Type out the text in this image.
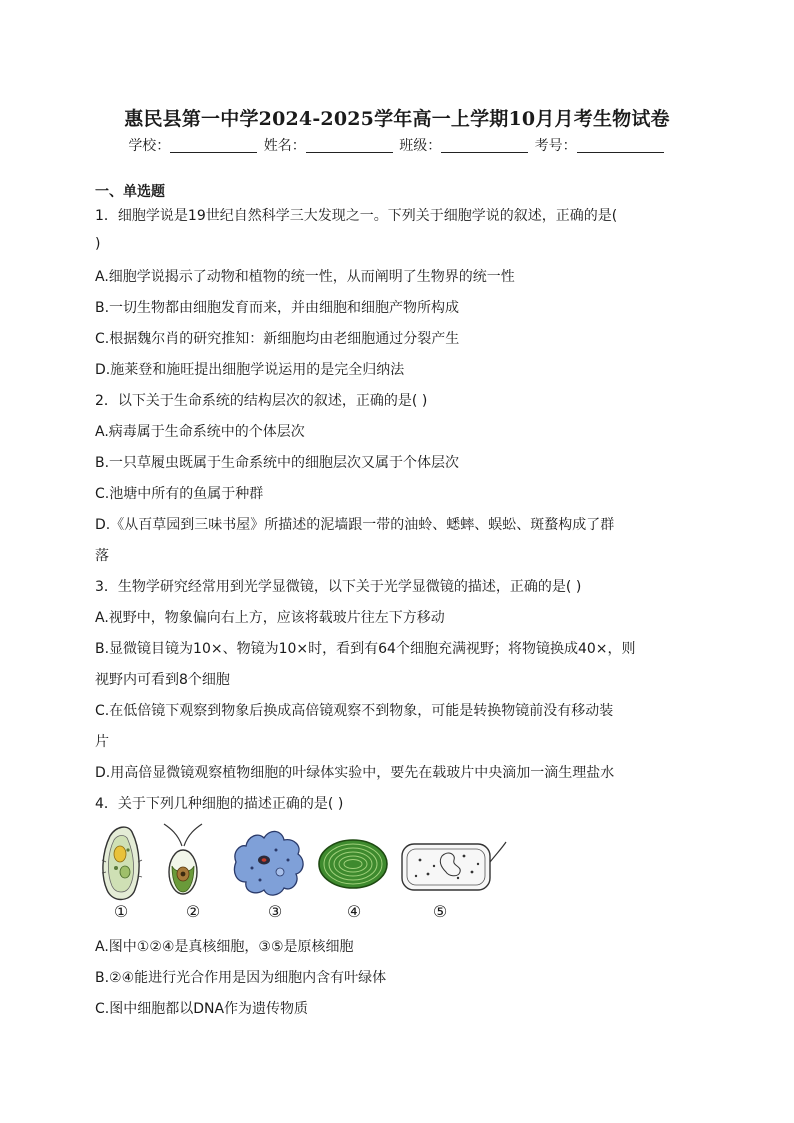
惠民县第一中学2024-2025学年高一上学期10月月考生物试卷
学校：	姓名：	班级：	考号：
一、单选题
1．细胞学说是19世纪自然科学三大发现之一。下列关于细胞学说的叙述，正确的是(
)
A.细胞学说揭示了动物和植物的统一性，从而阐明了生物界的统一性
B.一切生物都由细胞发育而来，并由细胞和细胞产物所构成
C.根据魏尔肖的研究推知：新细胞均由老细胞通过分裂产生
D.施莱登和施旺提出细胞学说运用的是完全归纳法
2．以下关于生命系统的结构层次的叙述，正确的是( )
A.病毒属于生命系统中的个体层次
B.一只草履虫既属于生命系统中的细胞层次又属于个体层次
C.池塘中所有的鱼属于种群
D.《从百草园到三味书屋》所描述的泥墙跟一带的油蛉、蟋蟀、蜈蚣、斑蝥构成了群
落
3．生物学研究经常用到光学显微镜，以下关于光学显微镜的描述，正确的是( )
A.视野中，物象偏向右上方，应该将载玻片往左下方移动
B.显微镜目镜为10×、物镜为10×时，看到有64个细胞充满视野；将物镜换成40×，则
视野内可看到8个细胞
C.在低倍镜下观察到物象后换成高倍镜观察不到物象，可能是转换物镜前没有移动装
片
D.用高倍显微镜观察植物细胞的叶绿体实验中，要先在载玻片中央滴加一滴生理盐水
4．关于下列几种细胞的描述正确的是( )
①	②	③	④	⑤
A.图中①②④是真核细胞，③⑤是原核细胞
B.②④能进行光合作用是因为细胞内含有叶绿体
C.图中细胞都以DNA作为遗传物质
